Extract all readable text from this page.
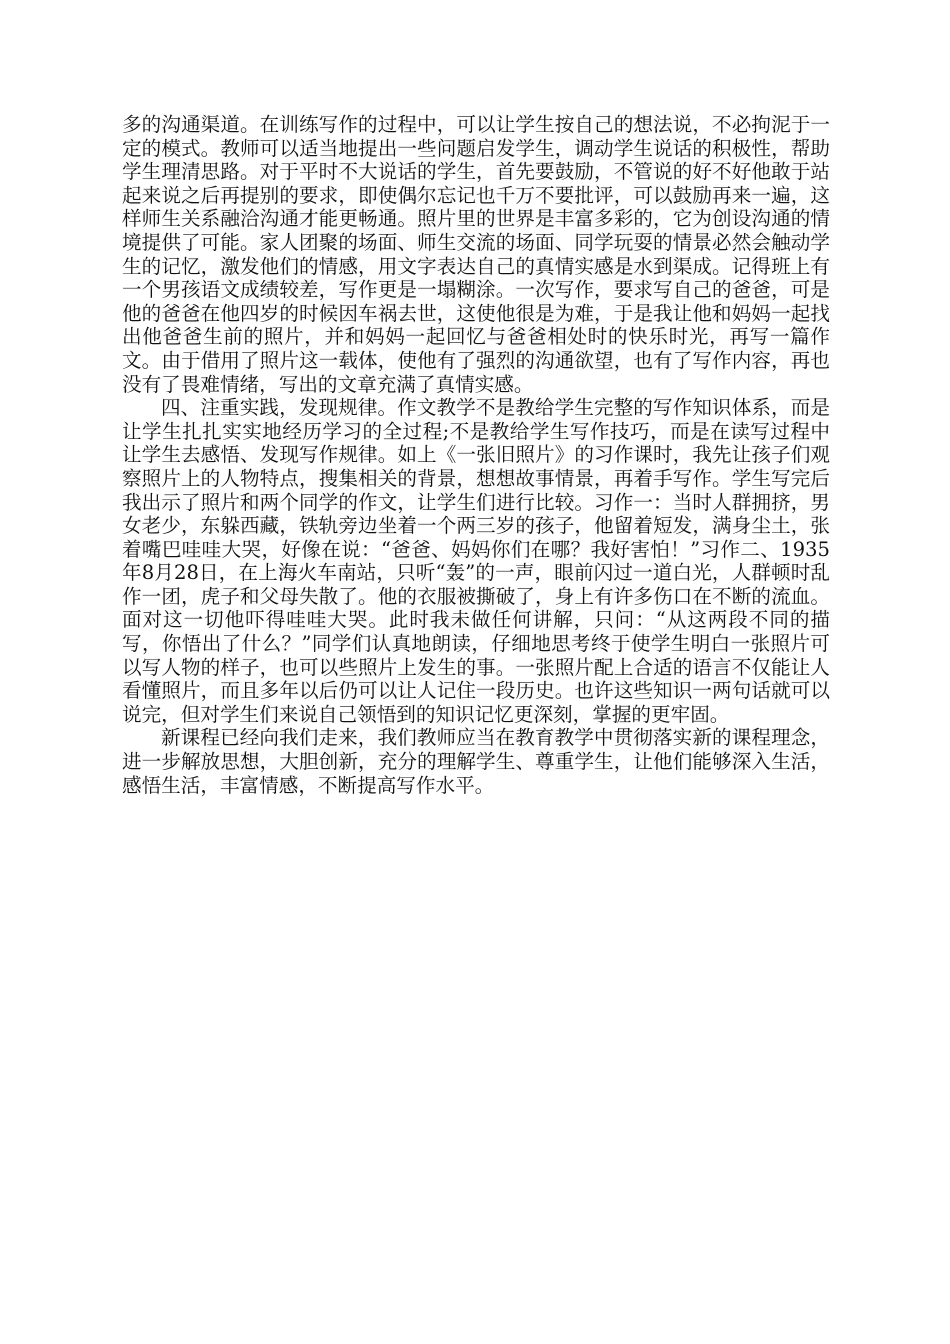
多的沟通渠道。在训练写作的过程中，可以让学生按自己的想法说，不必拘泥于一定的模式。教师可以适当地提出一些问题启发学生，调动学生说话的积极性，帮助学生理清思路。对于平时不大说话的学生，首先要鼓励，不管说的好不好他敢于站起来说之后再提别的要求，即使偶尔忘记也千万不要批评，可以鼓励再来一遍，这样师生关系融洽沟通才能更畅通。照片里的世界是丰富多彩的，它为创设沟通的情境提供了可能。家人团聚的场面、师生交流的场面、同学玩耍的情景必然会触动学生的记忆，激发他们的情感，用文字表达自己的真情实感是水到渠成。记得班上有一个男孩语文成绩较差，写作更是一塌糊涂。一次写作，要求写自己的爸爸，可是他的爸爸在他四岁的时候因车祸去世，这使他很是为难，于是我让他和妈妈一起找出他爸爸生前的照片，并和妈妈一起回忆与爸爸相处时的快乐时光，再写一篇作文。由于借用了照片这一载体，使他有了强烈的沟通欲望，也有了写作内容，再也没有了畏难情绪，写出的文章充满了真情实感。

四、注重实践，发现规律。作文教学不是教给学生完整的写作知识体系，而是让学生扎扎实实地经历学习的全过程;不是教给学生写作技巧，而是在读写过程中让学生去感悟、发现写作规律。如上《一张旧照片》的习作课时，我先让孩子们观察照片上的人物特点，搜集相关的背景，想想故事情景，再着手写作。学生写完后我出示了照片和两个同学的作文，让学生们进行比较。习作一：当时人群拥挤，男女老少，东躲西藏，铁轨旁边坐着一个两三岁的孩子，他留着短发，满身尘土，张着嘴巴哇哇大哭，好像在说：“爸爸、妈妈你们在哪？我好害怕！”习作二、1935年8月28日，在上海火车南站，只听“轰”的一声，眼前闪过一道白光，人群顿时乱作一团，虎子和父母失散了。他的衣服被撕破了，身上有许多伤口在不断的流血。面对这一切他吓得哇哇大哭。此时我未做任何讲解，只问：“从这两段不同的描写，你悟出了什么？”同学们认真地朗读，仔细地思考终于使学生明白一张照片可以写人物的样子，也可以些照片上发生的事。一张照片配上合适的语言不仅能让人看懂照片，而且多年以后仍可以让人记住一段历史。也许这些知识一两句话就可以说完，但对学生们来说自己领悟到的知识记忆更深刻，掌握的更牢固。

新课程已经向我们走来，我们教师应当在教育教学中贯彻落实新的课程理念，进一步解放思想，大胆创新，充分的理解学生、尊重学生，让他们能够深入生活，感悟生活，丰富情感，不断提高写作水平。
